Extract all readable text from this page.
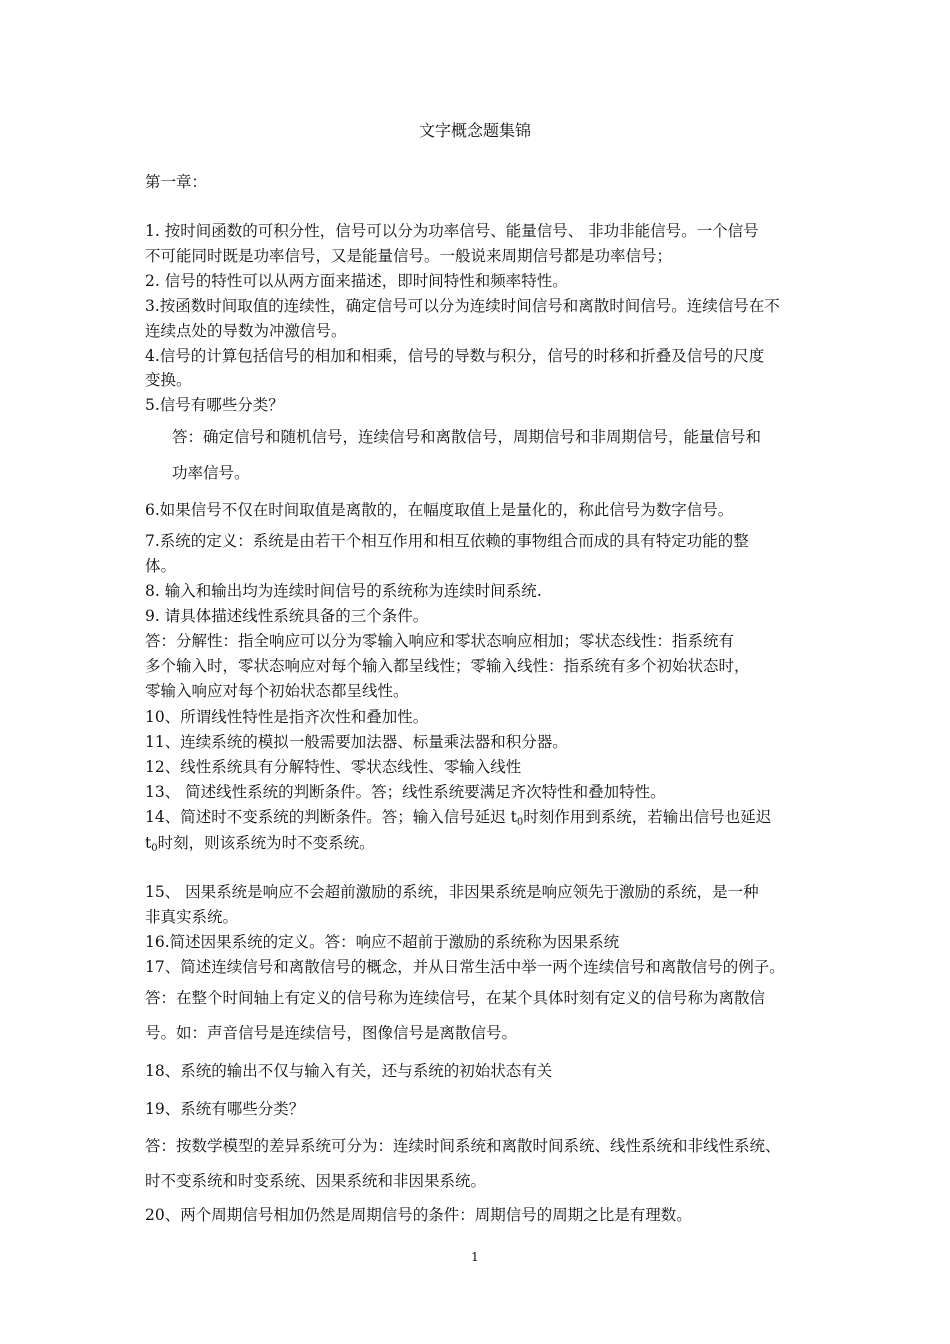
文字概念题集锦
第一章：
1. 按时间函数的可积分性，信号可以分为功率信号、能量信号、 非功非能信号。一个信号
不可能同时既是功率信号，又是能量信号。一般说来周期信号都是功率信号；
2. 信号的特性可以从两方面来描述，即时间特性和频率特性。
3.按函数时间取值的连续性，确定信号可以分为连续时间信号和离散时间信号。连续信号在不
连续点处的导数为冲激信号。
4.信号的计算包括信号的相加和相乘，信号的导数与积分，信号的时移和折叠及信号的尺度
变换。
5.信号有哪些分类？
答：确定信号和随机信号，连续信号和离散信号，周期信号和非周期信号，能量信号和
功率信号。
6.如果信号不仅在时间取值是离散的，在幅度取值上是量化的，称此信号为数字信号。
7.系统的定义：系统是由若干个相互作用和相互依赖的事物组合而成的具有特定功能的整
体。
8. 输入和输出均为连续时间信号的系统称为连续时间系统.
9. 请具体描述线性系统具备的三个条件。
答：分解性：指全响应可以分为零输入响应和零状态响应相加；零状态线性：指系统有
多个输入时，零状态响应对每个输入都呈线性；零输入线性：指系统有多个初始状态时，
零输入响应对每个初始状态都呈线性。
10、所谓线性特性是指齐次性和叠加性。
11、连续系统的模拟一般需要加法器、标量乘法器和积分器。
12、线性系统具有分解特性、零状态线性、零输入线性
13、 简述线性系统的判断条件。答；线性系统要满足齐次特性和叠加特性。
14、简述时不变系统的判断条件。答；输入信号延迟 $t_0$时刻作用到系统，若输出信号也延迟
$t_0$时刻，则该系统为时不变系统。
15、 因果系统是响应不会超前激励的系统，非因果系统是响应领先于激励的系统，是一种
非真实系统。
16.简述因果系统的定义。答：响应不超前于激励的系统称为因果系统
17、简述连续信号和离散信号的概念，并从日常生活中举一两个连续信号和离散信号的例子。
答：在整个时间轴上有定义的信号称为连续信号，在某个具体时刻有定义的信号称为离散信
号。如：声音信号是连续信号，图像信号是离散信号。
18、系统的输出不仅与输入有关，还与系统的初始状态有关
19、系统有哪些分类？
答：按数学模型的差异系统可分为：连续时间系统和离散时间系统、线性系统和非线性系统、
时不变系统和时变系统、因果系统和非因果系统。
20、两个周期信号相加仍然是周期信号的条件：周期信号的周期之比是有理数。
1
